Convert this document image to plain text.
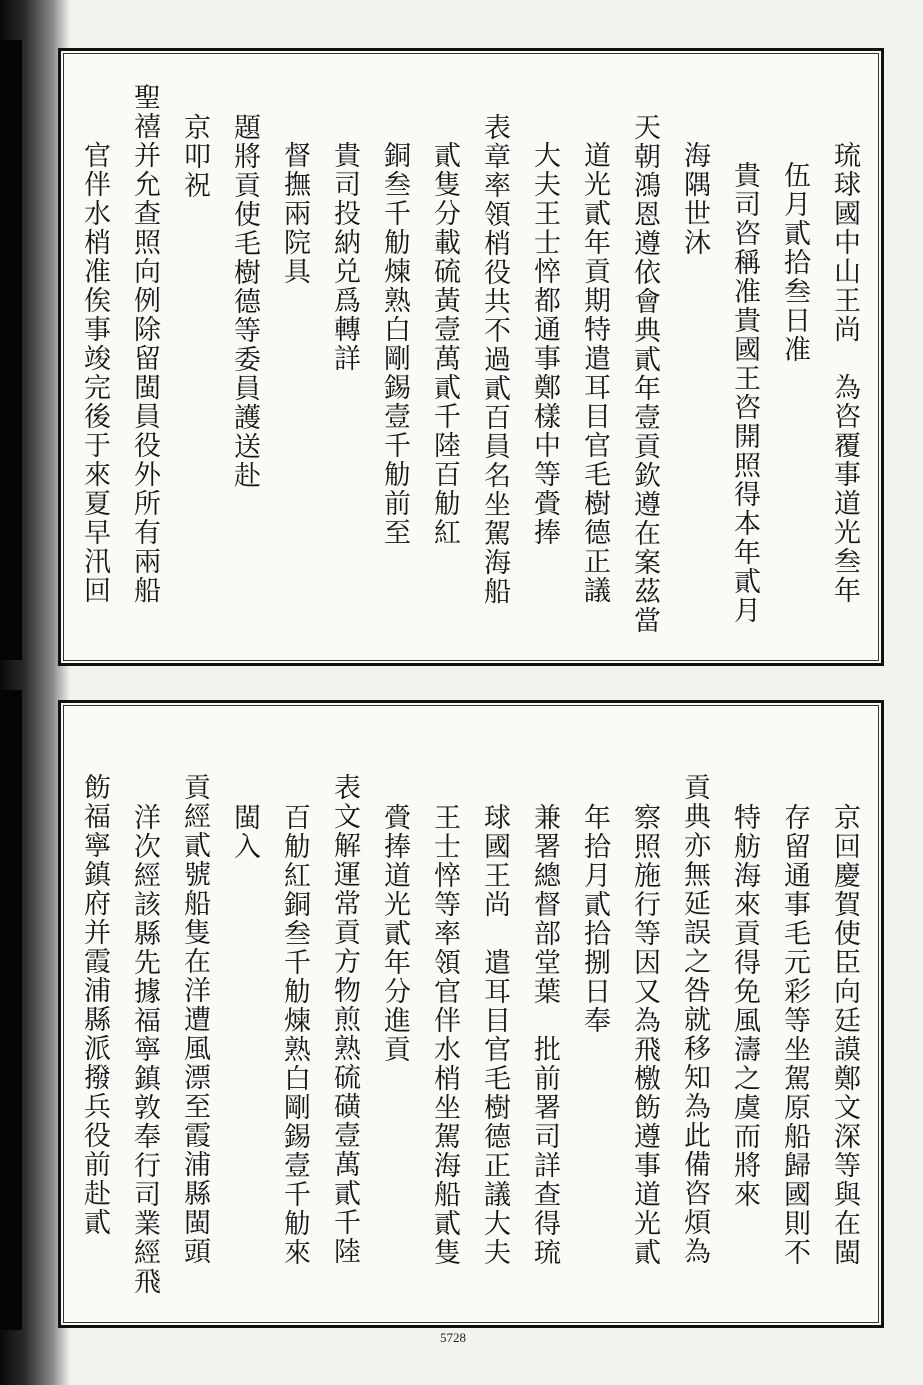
琉球國中山王尚　為咨覆事道光叁年
伍月貳拾叁日准
貴司咨稱准貴國王咨開照得本年貳月
海隅世沐
天朝鴻恩遵依會典貳年壹貢欽遵在案茲當
道光貳年貢期特遣耳目官毛樹德正議
大夫王士悴都通事鄭樣中等賫捧
表章率領梢役共不過貳百員名坐駕海船
貳隻分載硫黃壹萬貳千陸百觔紅
銅叁千觔煉熟白剛錫壹千觔前至
貴司投納兑爲轉詳
督撫兩院具
題將貢使毛樹德等委員護送赴
京叩祝
聖禧并允查照向例除留閩員役外所有兩船
官伴水梢准俟事竣完後于來夏早汛回
京回慶賀使臣向廷謨鄭文深等與在閩
存留通事毛元彩等坐駕原船歸國則不
特舫海來貢得免風濤之虞而將來
貢典亦無延誤之咎就移知為此備咨煩為
察照施行等因又為飛檄飭遵事道光貳
年拾月貳拾捌日奉
兼署總督部堂葉　批前署司詳查得琉
球國王尚　遣耳目官毛樹德正議大夫
王士悴等率領官伴水梢坐駕海船貳隻
賫捧道光貳年分進貢
表文解運常貢方物煎熟硫磺壹萬貳千陸
百觔紅銅叁千觔煉熟白剛錫壹千觔來
閩入
貢經貳號船隻在洋遭風漂至霞浦縣閩頭
洋次經該縣先據福寧鎮敦奉行司業經飛
飭福寧鎮府并霞浦縣派撥兵役前赴貳
5728
